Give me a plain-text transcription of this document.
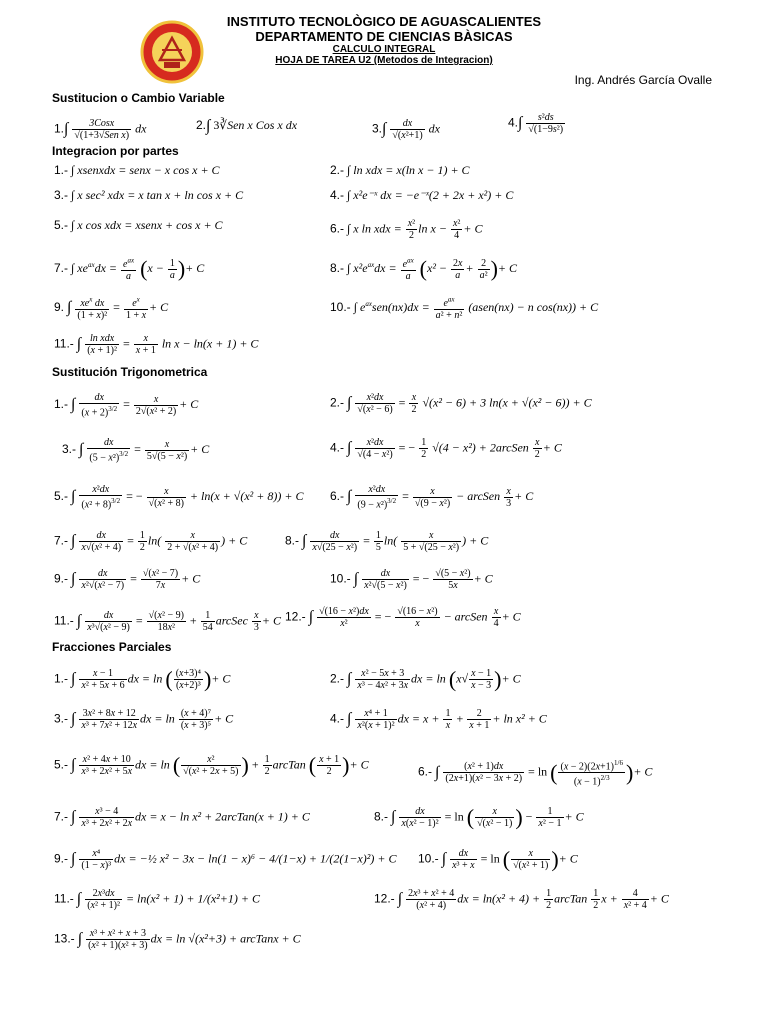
INSTITUTO TECNOLÒGICO DE AGUASCALIENTES
DEPARTAMENTO DE CIENCIAS BÀSICAS
CALCULO INTEGRAL
HOJA DE TAREA U2 (Metodos de Integracion)
Ing. Andrés García Ovalle
Sustitucion o Cambio Variable
$1.\int \frac{\text{3Cosx}}{\text{√(1+3√Sen x)}}$ dx	2.∫ 3∛Sen x Cos x dx	$3.\int \frac{dx}{\text{√(x²+1)}}$ dx	$4.\int \frac{\text{s²ds}}{\text{√(1−9s²)}}$
Integracion por partes
1.- ∫ xsenxdx = senx − x cos x + C	2.- ∫ ln xdx = x(ln x − 1) + C
3.- ∫ x sec² xdx = x tan x + ln cos x + C	4.- ∫ x²e⁻ˣ dx = −e⁻ˣ(2 + 2x + x²) + C
5.- ∫ x cos xdx = xsenx + cos x + C	6.- ∫ x ln xdx = $\frac{\text{x²}}{2}$ $\ln x - \frac{\text{x²}}{4} + C$
7.- ∫ $xe^{ax}dx = \frac{e^{ax}}{a} (x - \frac{1}{a}$ )+ C	8.- ∫ $x^2e^{ax}dx = \frac{e^{ax}}{a} (x^2 - \frac{2x}{a} + \frac{2}{\text{a²}}$ )+ C
9. ∫ $\frac{xe^x dx}{\text{(1 + x)²}} = \frac{e^x}{1 + x} + C$	10.- ∫ $e^{ax}sen(nx)dx = \frac{e^{ax}}{\text{a² + n²}}$ (asen(nx) − n cos(nx)) + C
11.- ∫ $\frac{\text{ln xdx}}{\text{(x + 1)²}} = \frac{x}{x + 1}$ ln x − ln(x + 1) + C
Sustitución Trigonometrica
1.- ∫ $\frac{dx}{(x + 2)^{3/2}} = \frac{x}{\text{2√(x² + 2)}} + C$	2.- ∫ $\frac{\text{x²dx}}{\text{√(x² − 6)}} = \frac{x}{2} √(x^2 - 6) + 3$ ln(x + √(x² − 6)) + C
3.- ∫ $\frac{dx}{(5 - x^2)^{3/2}} = \frac{x}{\text{5√(5 − x²)}} + C$	4.- ∫ $\frac{\text{x²dx}}{\text{√(4 − x²)}}$ = − $\frac{1}{2} √(4 - x^2)$ + 2arcSen $\frac{x}{2} + C$
5.- ∫ $\frac{\text{x²dx}}{(x^2 + 8)^{3/2}}$ = − $\frac{x}{\text{√(x² + 8)}} + \ln(x + √(x^2 + 8)) + C$ 6.- ∫ $\frac{\text{x²dx}}{(9 - x^2)^{3/2}} = \frac{x}{\text{√(9 − x²)}}$ − arcSen $\frac{x}{3} + C$
7.- ∫ $\frac{dx}{\text{x√(x² + 4)}} = \frac{1}{2} \ln( \frac{x}{\text{2 + √(x² + 4)}}$ ) + C	8.- ∫ $\frac{dx}{\text{x√(25 − x²)}} = \frac{1}{5} \ln( \frac{x}{\text{5 + √(25 − x²)}}$ ) + C
9.- ∫ $\frac{dx}{\text{x²√(x² − 7)}} = \frac{\text{√(x² − 7)}}{7x} + C$	10.- ∫ $\frac{dx}{\text{x²√(5 − x²)}}$ = − $\frac{\text{√(5 − x²)}}{5x} + C$
11.- ∫ $\frac{dx}{\text{x³√(x² − 9)}} = \frac{\text{√(x² − 9)}}{\text{18x²}} + \frac{1}{54}$ arcSec $\frac{x}{3} + C$ 12.- ∫ $\frac{\text{√(16 − x²)dx}}{\text{x²}}$ = − $\frac{\text{√(16 − x²)}}{x}$ − arcSen $\frac{x}{4} + C$
Fracciones Parciales
1.- ∫ $\frac{x - 1}{\text{x² + 5x + 6}}$ dx = ln ( $\frac{\text{(x+3)⁴}}{\text{(x+2)³}}$ )+ C	2.- ∫ $\frac{\text{x² − 5x + 3}}{\text{x³ − 4x² + 3x}}$ dx = $\ln (x√ \frac{x - 1}{x - 3}$ )+ C
3.- ∫ $\frac{\text{3x² + 8x + 12}}{\text{x³ + 7x² + 12x}}$ dx = $\ln \frac{\text{(x + 4)⁷}}{\text{(x + 3)⁵}} + C$	4.- ∫ $\frac{\text{x⁴ + 1}}{\text{x²(x + 1)²}}$ dx = $x + \frac{1}{x} + \frac{2}{x + 1} + \ln x^2 + C$
5.- ∫ $\frac{\text{x² + 4x + 10}}{\text{x³ + 2x² + 5x}}$ dx = ln ( $\frac{\text{x²}}{\text{√(x² + 2x + 5)}}$ ) + $\frac{1}{2}$ arcTan ( $\frac{x + 1}{2}$ )+ C
6.- ∫ $\frac{\text{(x² + 1)dx}}{\text{(2x+1)(x² − 3x + 2)}} = \ln$ ( $\frac{(x - 2)(2x+1)^{1/6}}{(x - 1)^{2/3}}$ )+ C
7.- ∫ $\frac{\text{x³ − 4}}{\text{x³ + 2x² + 2x}}$ dx = x − ln x² + 2arcTan(x + 1) + C	8.- ∫ $\frac{dx}{\text{x(x² − 1)²}} = \ln$ ( $\frac{x}{\text{√(x² − 1)}}$ ) − $\frac{1}{\text{x² − 1}} + C$
9.- ∫ $\frac{\text{x⁴}}{\text{(1 − x)³}}$ dx = −½ x² − 3x − ln(1 − x)⁶ − 4/(1−x) + 1/(2(1−x)²) + C 10.- ∫ $\frac{dx}{\text{x³ + x}} = \ln$ ( $\frac{x}{\text{√(x² + 1)}}$ )+ C
11.- ∫ $\frac{\text{2x³dx}}{\text{(x² + 1)²}} = \ln(x^2 + 1) + 1/(x^2+1) + C$	12.- ∫ $\frac{\text{2x³ + x² + 4}}{\text{(x² + 4)}}$ dx = $\ln(x^2 + 4) + \frac{1}{2}$ arcTan $\frac{1}{2}$ $x + \frac{4}{\text{x² + 4}} + C$
13.- ∫ $\frac{\text{x³ + x² + x + 3}}{\text{(x² + 1)(x² + 3)}}$ dx = ln √(x²+3) + arcTanx + C
